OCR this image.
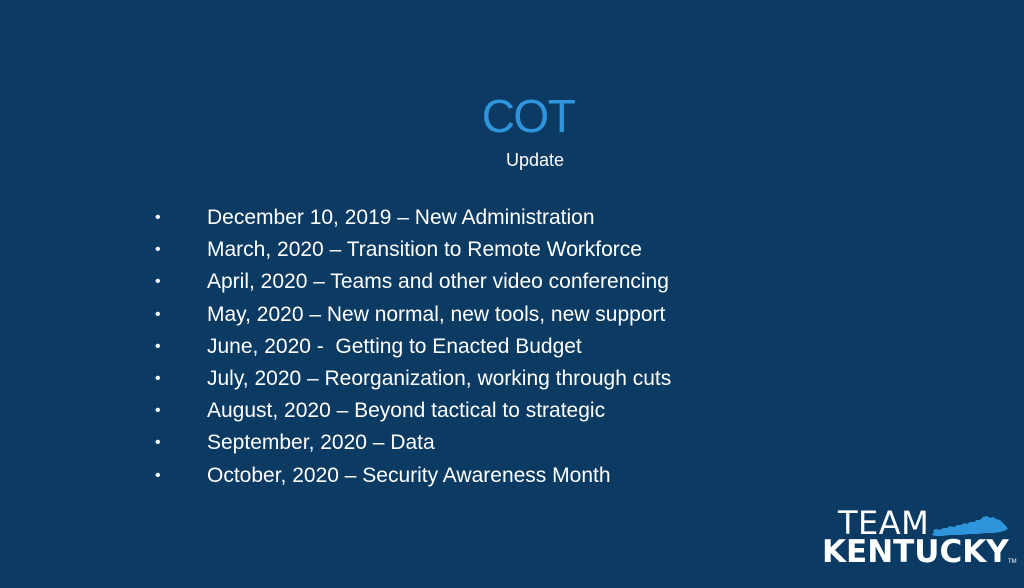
COT
Update

•

	December 10, 2019 – New Administration

•

	March, 2020 – Transition to Remote Workforce

•

	April, 2020 – Teams and other video conferencing

•

	May, 2020 – New normal, new tools, new support

•

	June, 2020 -  Getting to Enacted Budget

•

	July, 2020 – Reorganization, working through cuts

•

	August, 2020 – Beyond tactical to strategic

•

	September, 2020 – Data

•

	October, 2020 – Security Awareness Month

TEAM
KENTUCKY TM
